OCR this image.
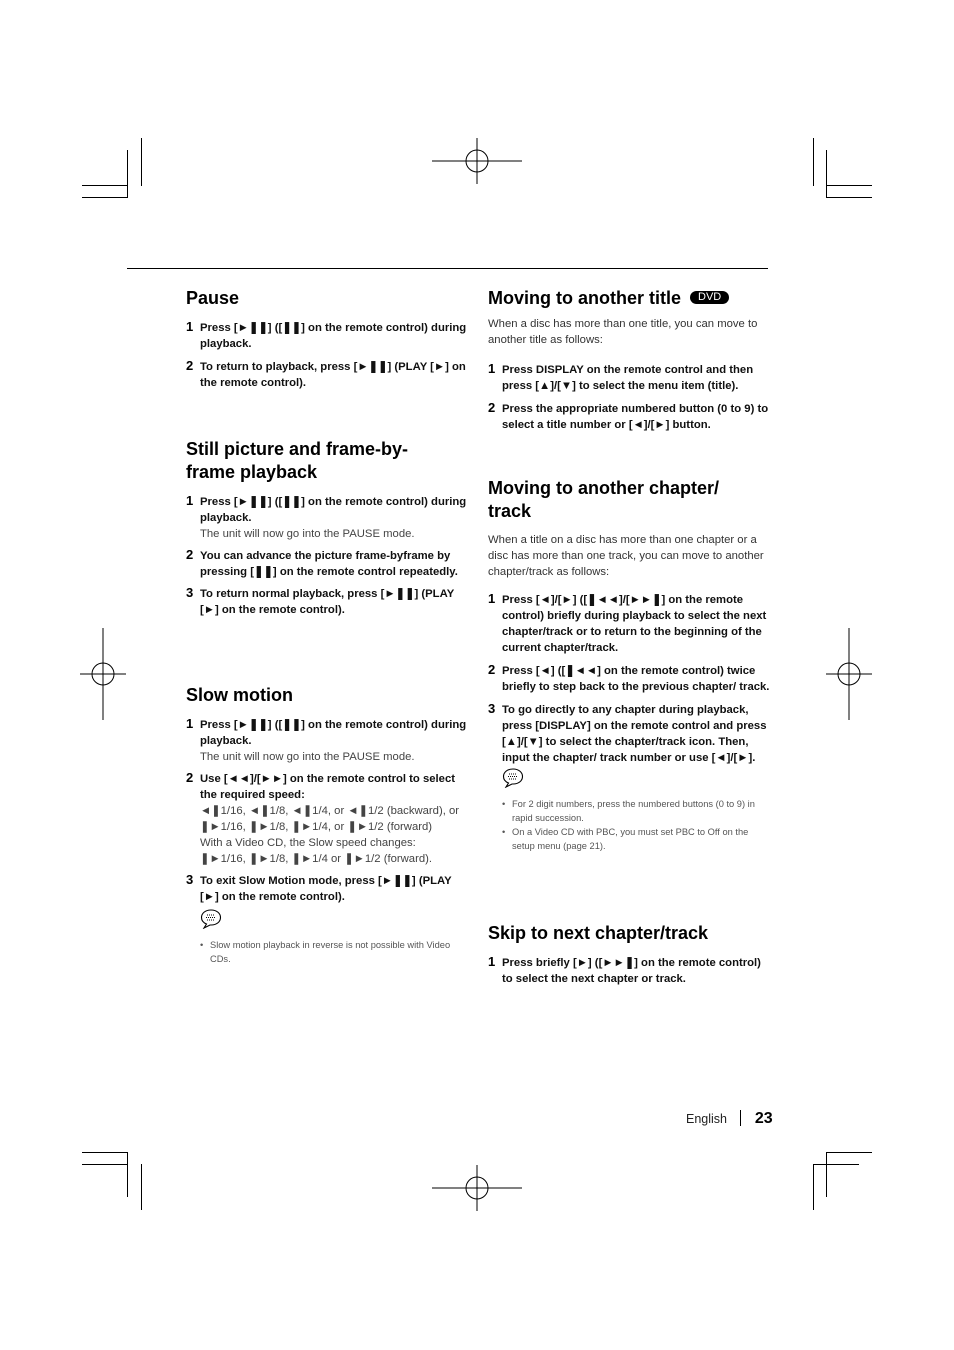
Pause
1 Press [►❚❚] ([❚❚] on the remote control) during playback.
2 To return to playback, press [►❚❚] (PLAY [►] on the remote control).
Still picture and frame-by-frame playback
1 Press [►❚❚] ([❚❚] on the remote control) during playback.
The unit will now go into the PAUSE mode.
2 You can advance the picture frame-byframe by pressing [❚❚] on the remote control repeatedly.
3 To return normal playback, press [►❚❚] (PLAY [►] on the remote control).
Slow motion
1 Press [►❚❚] ([❚❚] on the remote control) during playback.
The unit will now go into the PAUSE mode.
2 Use [◄◄]/[►►] on the remote control to select the required speed:
◄❚1/16, ◄❚1/8, ◄❚1/4, or ◄❚1/2 (backward), or
❚►1/16, ❚►1/8, ❚►1/4, or ❚►1/2 (forward)
With a Video CD, the Slow speed changes:
❚►1/16, ❚►1/8, ❚►1/4 or ❚►1/2 (forward).
3 To exit Slow Motion mode, press [►❚❚] (PLAY [►] on the remote control).
• Slow motion playback in reverse is not possible with Video CDs.
Moving to another title DVD

When a disc has more than one title, you can move to another title as follows:

1 Press DISPLAY on the remote control and then press [▲]/[▼] to select the menu item (title).
2 Press the appropriate numbered button (0 to 9) to select a title number or [◄]/[►] button.
Moving to another chapter/ track

When a title on a disc has more than one chapter or a disc has more than one track, you can move to another chapter/track as follows:

1 Press [◄]/[►] ([❚◄◄]/[►►❚] on the remote control) briefly during playback to select the next chapter/track or to return to the beginning of the current chapter/track.
2 Press [◄] ([❚◄◄] on the remote control) twice briefly to step back to the previous chapter/ track.
3 To go directly to any chapter during playback, press [DISPLAY] on the remote control and press [▲]/[▼] to select the chapter/track icon. Then, input the chapter/ track number or use [◄]/[►].
• For 2 digit numbers, press the numbered buttons (0 to 9) in rapid succession.
• On a Video CD with PBC, you must set PBC to Off on the setup menu (page 21).
Skip to next chapter/track
1 Press briefly [►] ([►►❚] on the remote control) to select the next chapter or track.
English 23
